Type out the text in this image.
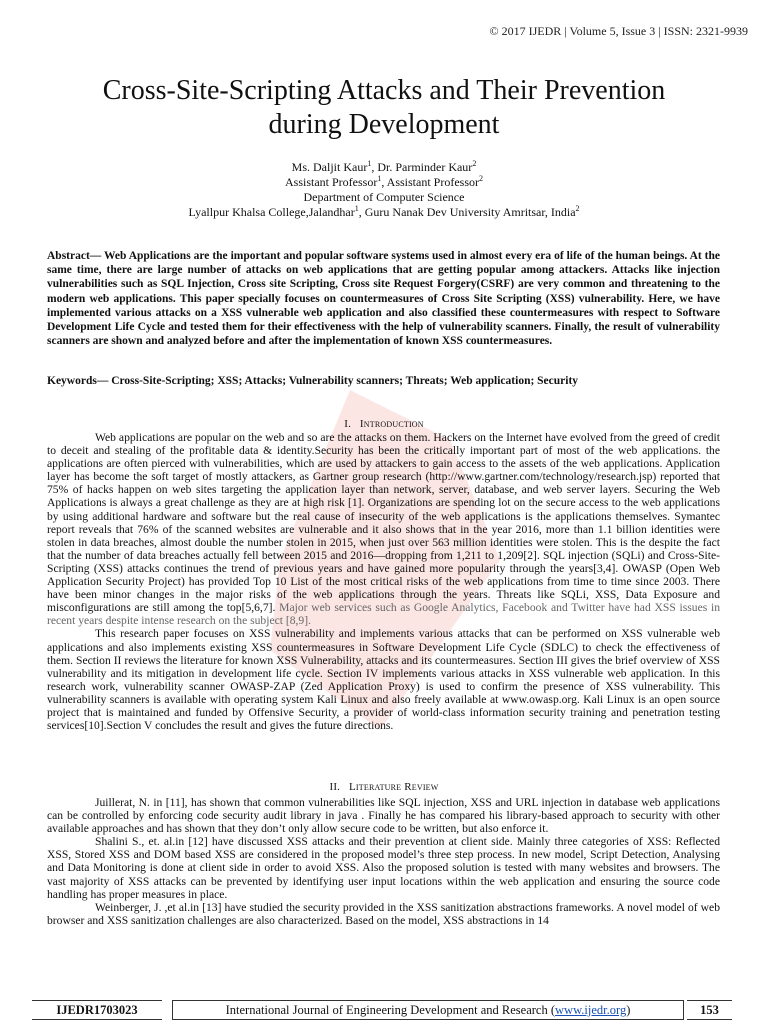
© 2017 IJEDR | Volume 5, Issue 3 | ISSN: 2321-9939
Cross-Site-Scripting Attacks and Their Prevention
during Development
Ms. Daljit Kaur$^1$, Dr. Parminder Kaur$^2$
Assistant Professor$^1$, Assistant Professor$^2$
Department of Computer Science
Lyallpur Khalsa College,Jalandhar$^1$, Guru Nanak Dev University Amritsar, India$^2$

Abstract— Web Applications are the important and popular software systems used in almost every era of life of the human beings. At the same time, there are large number of attacks on web applications that are getting popular among attackers. Attacks like injection vulnerabilities such as SQL Injection, Cross site Scripting, Cross site Request Forgery(CSRF) are very common and threatening to the modern web applications. This paper specially focuses on countermeasures of Cross Site Scripting (XSS) vulnerability. Here, we have implemented various attacks on a XSS vulnerable web application and also classified these countermeasures with respect to Software Development Life Cycle and tested them for their effectiveness with the help of vulnerability scanners. Finally, the result of vulnerability scanners are shown and analyzed before and after the implementation of known XSS countermeasures.

Keywords— Cross-Site-Scripting; XSS; Attacks; Vulnerability scanners; Threats; Web application; Security

I. Introduction

Web applications are popular on the web and so are the attacks on them. Hackers on the Internet have evolved from the greed of credit to deceit and stealing of the profitable data & identity.Security has been the critically important part of most of the web applications. the applications are often pierced with vulnerabilities, which are used by attackers to gain access to the assets of the web applications. Application layer has become the soft target of mostly attackers, as Gartner group research (http://www.gartner.com/technology/research.jsp) reported that 75% of hacks happen on web sites targeting the application layer than network, server, database, and web server layers. Securing the Web Applications is always a great challenge as they are at high risk [1]. Organizations are spending lot on the secure access to the web applications by using additional hardware and software but the real cause of insecurity of the web applications is the applications themselves. Symantec report reveals that 76% of the scanned websites are vulnerable and it also shows that in the year 2016, more than 1.1 billion identities were stolen in data breaches, almost double the number stolen in 2015, when just over 563 million identities were stolen. This is the despite the fact that the number of data breaches actually fell between 2015 and 2016—dropping from 1,211 to 1,209[2]. SQL injection (SQLi) and Cross-Site-Scripting (XSS) attacks continues the trend of previous years and have gained more popularity through the years[3,4]. OWASP (Open Web Application Security Project) has provided Top 10 List of the most critical risks of the web applications from time to time since 2003. There have been minor changes in the major risks of the web applications through the years. Threats like SQLi, XSS, Data Exposure and misconfigurations are still among the top[5,6,7]. Major web services such as Google Analytics, Facebook and Twitter have had XSS issues in recent years despite intense research on the subject [8,9].

This research paper focuses on XSS vulnerability and implements various attacks that can be performed on XSS vulnerable web applications and also implements existing XSS countermeasures in Software Development Life Cycle (SDLC) to check the effectiveness of them. Section II reviews the literature for known XSS Vulnerability, attacks and its countermeasures. Section III gives the brief overview of XSS vulnerability and its mitigation in development life cycle. Section IV implements various attacks in XSS vulnerable web application. In this research work, vulnerability scanner OWASP-ZAP (Zed Application Proxy) is used to confirm the presence of XSS vulnerability. This vulnerability scanners is available with operating system Kali Linux and also freely available at www.owasp.org. Kali Linux is an open source project that is maintained and funded by Offensive Security, a provider of world-class information security training and penetration testing services[10].Section V concludes the result and gives the future directions.

II. Literature Review

Juillerat, N. in [11], has shown that common vulnerabilities like SQL injection, XSS and URL injection in database web applications can be controlled by enforcing code security audit library in java . Finally he has compared his library-based approach to security with other available approaches and has shown that they don’t only allow secure code to be written, but also enforce it.

Shalini S., et. al.in [12] have discussed XSS attacks and their prevention at client side. Mainly three categories of XSS: Reflected XSS, Stored XSS and DOM based XSS are considered in the proposed model’s three step process. In new model, Script Detection, Analysing and Data Monitoring is done at client side in order to avoid XSS. Also the proposed solution is tested with many websites and browsers. The vast majority of XSS attacks can be prevented by identifying user input locations within the web application and ensuring the source code handling has proper measures in place.

Weinberger, J. ,et al.in [13] have studied the security provided in the XSS sanitization abstractions frameworks. A novel model of web browser and XSS sanitization challenges are also characterized. Based on the model, XSS abstractions in 14

IJEDR1703023	International Journal of Engineering Development and Research (www.ijedr.org)	153
